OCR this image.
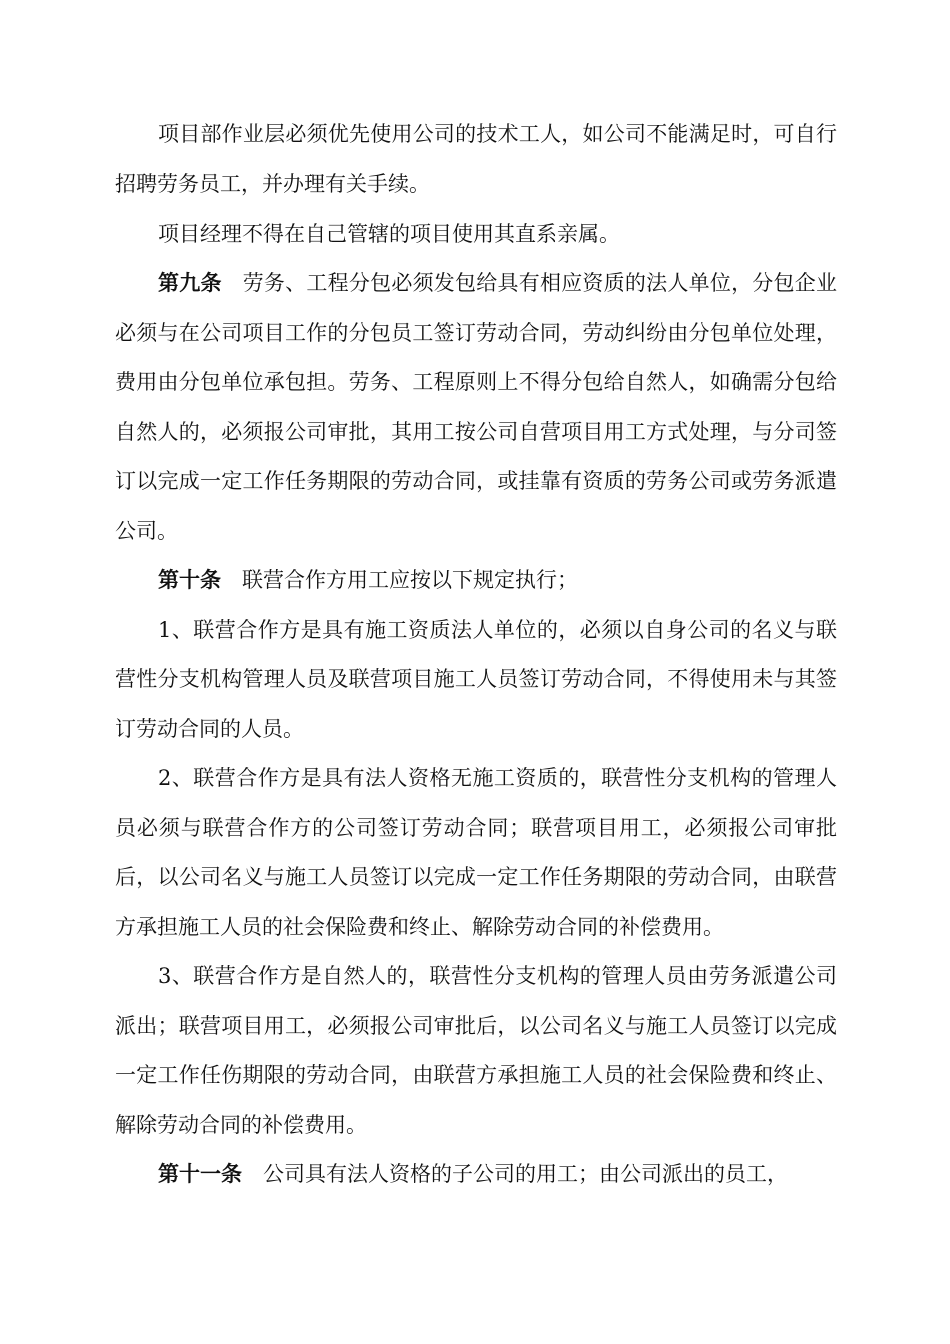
项目部作业层必须优先使用公司的技术工人，如公司不能满足时，可自行招聘劳务员工，并办理有关手续。

项目经理不得在自己管辖的项目使用其直系亲属。

第九条 劳务、工程分包必须发包给具有相应资质的法人单位，分包企业必须与在公司项目工作的分包员工签订劳动合同，劳动纠纷由分包单位处理，费用由分包单位承包担。劳务、工程原则上不得分包给自然人，如确需分包给自然人的，必须报公司审批，其用工按公司自营项目用工方式处理，与分司签订以完成一定工作任务期限的劳动合同，或挂靠有资质的劳务公司或劳务派遣公司。

第十条 联营合作方用工应按以下规定执行；

1、联营合作方是具有施工资质法人单位的，必须以自身公司的名义与联营性分支机构管理人员及联营项目施工人员签订劳动合同，不得使用未与其签订劳动合同的人员。

2、联营合作方是具有法人资格无施工资质的，联营性分支机构的管理人员必须与联营合作方的公司签订劳动合同；联营项目用工，必须报公司审批后，以公司名义与施工人员签订以完成一定工作任务期限的劳动合同，由联营方承担施工人员的社会保险费和终止、解除劳动合同的补偿费用。

3、联营合作方是自然人的，联营性分支机构的管理人员由劳务派遣公司派出；联营项目用工，必须报公司审批后，以公司名义与施工人员签订以完成一定工作任伤期限的劳动合同，由联营方承担施工人员的社会保险费和终止、解除劳动合同的补偿费用。

第十一条 公司具有法人资格的子公司的用工；由公司派出的员工，
